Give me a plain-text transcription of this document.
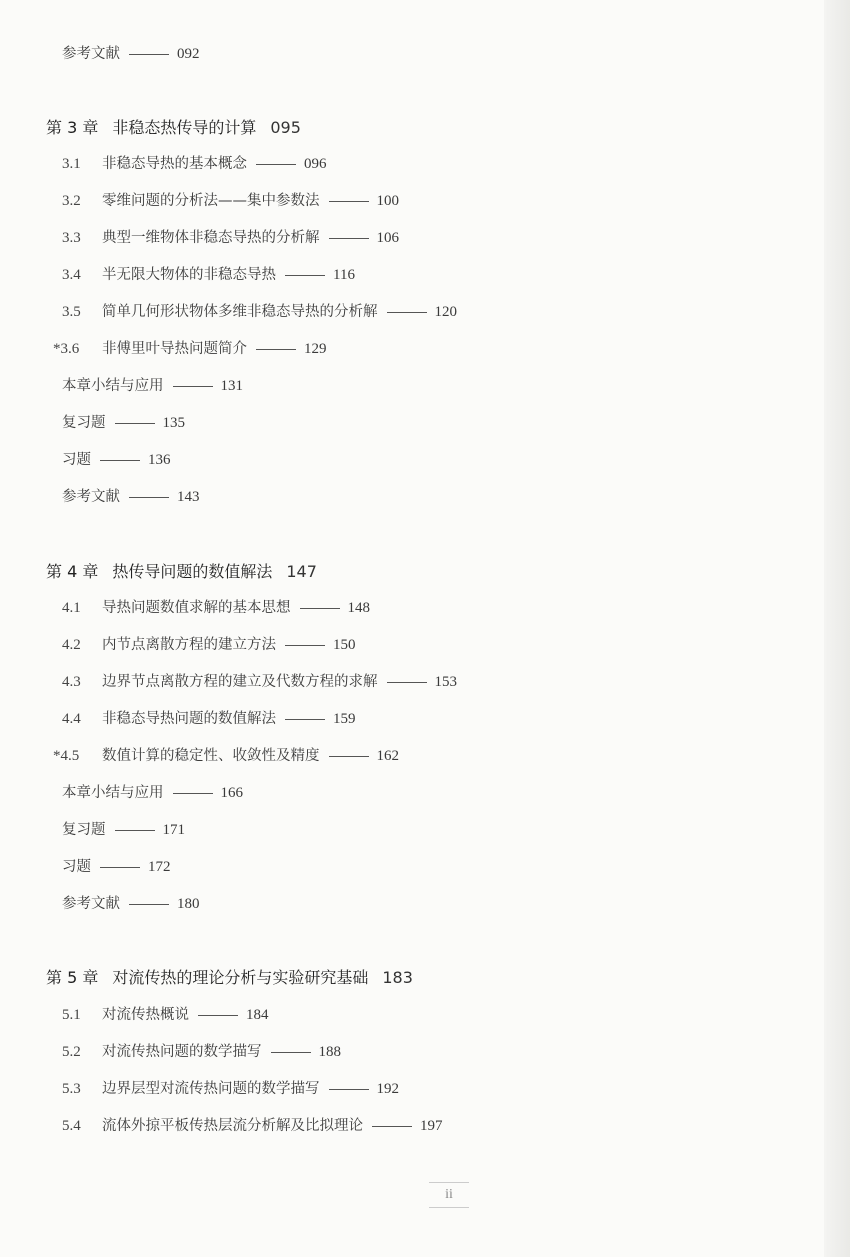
参考文献	092
第 3 章 非稳态热传导的计算 095
3.1	非稳态导热的基本概念	096
3.2	零维问题的分析法——集中参数法	100
3.3	典型一维物体非稳态导热的分析解	106
3.4	半无限大物体的非稳态导热	116
3.5	简单几何形状物体多维非稳态导热的分析解	120
*3.6	非傅里叶导热问题简介	129
本章小结与应用	131
复习题	135
习题	136
参考文献	143
第 4 章 热传导问题的数值解法 147
4.1	导热问题数值求解的基本思想	148
4.2	内节点离散方程的建立方法	150
4.3	边界节点离散方程的建立及代数方程的求解	153
4.4	非稳态导热问题的数值解法	159
*4.5	数值计算的稳定性、收敛性及精度	162
本章小结与应用	166
复习题	171
习题	172
参考文献	180
第 5 章 对流传热的理论分析与实验研究基础 183
5.1	对流传热概说	184
5.2	对流传热问题的数学描写	188
5.3	边界层型对流传热问题的数学描写	192
5.4	流体外掠平板传热层流分析解及比拟理论	197
ii
